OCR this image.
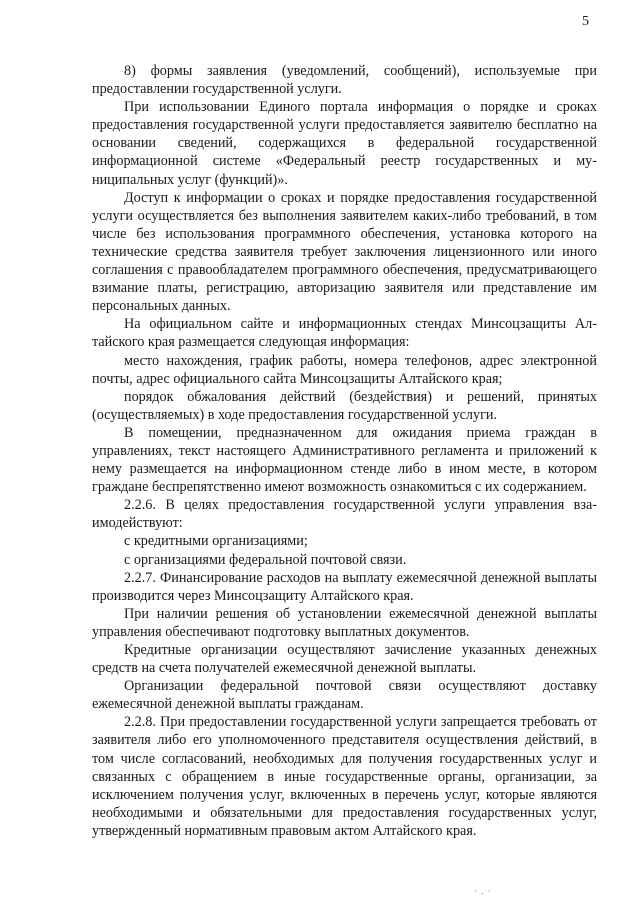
5

8) формы заявления (уведомлений, сообщений), используемые при предоставлении государственной услуги.

При использовании Единого портала информация о порядке и сроках предоставления государственной услуги предоставляется заявителю бесплатно на основании сведений, содержащихся в федеральной государственной информационной системе «Федеральный реестр государственных и муниципальных услуг (функций)».

Доступ к информации о сроках и порядке предоставления государственной услуги осуществляется без выполнения заявителем каких-либо требований, в том числе без использования программного обеспечения, установка которого на технические средства заявителя требует заключения лицензионного или иного соглашения с правообладателем программного обеспечения, предусматривающего взимание платы, регистрацию, авторизацию заявителя или представление им персональных данных.

На официальном сайте и информационных стендах Минсоцзащиты Алтайского края размещается следующая информация:

место нахождения, график работы, номера телефонов, адрес электронной почты, адрес официального сайта Минсоцзащиты Алтайского края;

порядок обжалования действий (бездействия) и решений, принятых (осуществляемых) в ходе предоставления государственной услуги.

В помещении, предназначенном для ожидания приема граждан в управлениях, текст настоящего Административного регламента и приложений к нему размещается на информационном стенде либо в ином месте, в котором граждане беспрепятственно имеют возможность ознакомиться с их содержанием.

2.2.6. В целях предоставления государственной услуги управления взаимодействуют:

с кредитными организациями;

с организациями федеральной почтовой связи.

2.2.7. Финансирование расходов на выплату ежемесячной денежной выплаты производится через Минсоцзащиту Алтайского края.

При наличии решения об установлении ежемесячной денежной выплаты управления обеспечивают подготовку выплатных документов.

Кредитные организации осуществляют зачисление указанных денежных средств на счета получателей ежемесячной денежной выплаты.

Организации федеральной почтовой связи осуществляют доставку ежемесячной денежной выплаты гражданам.

2.2.8. При предоставлении государственной услуги запрещается требовать от заявителя либо его уполномоченного представителя осуществления действий, в том числе согласований, необходимых для получения государственных услуг и связанных с обращением в иные государственные органы, организации, за исключением получения услуг, включенных в перечень услуг, которые являются необходимыми и обязательными для предоставления государственных услуг, утвержденный нормативным правовым актом Алтайского края.

· . ·
